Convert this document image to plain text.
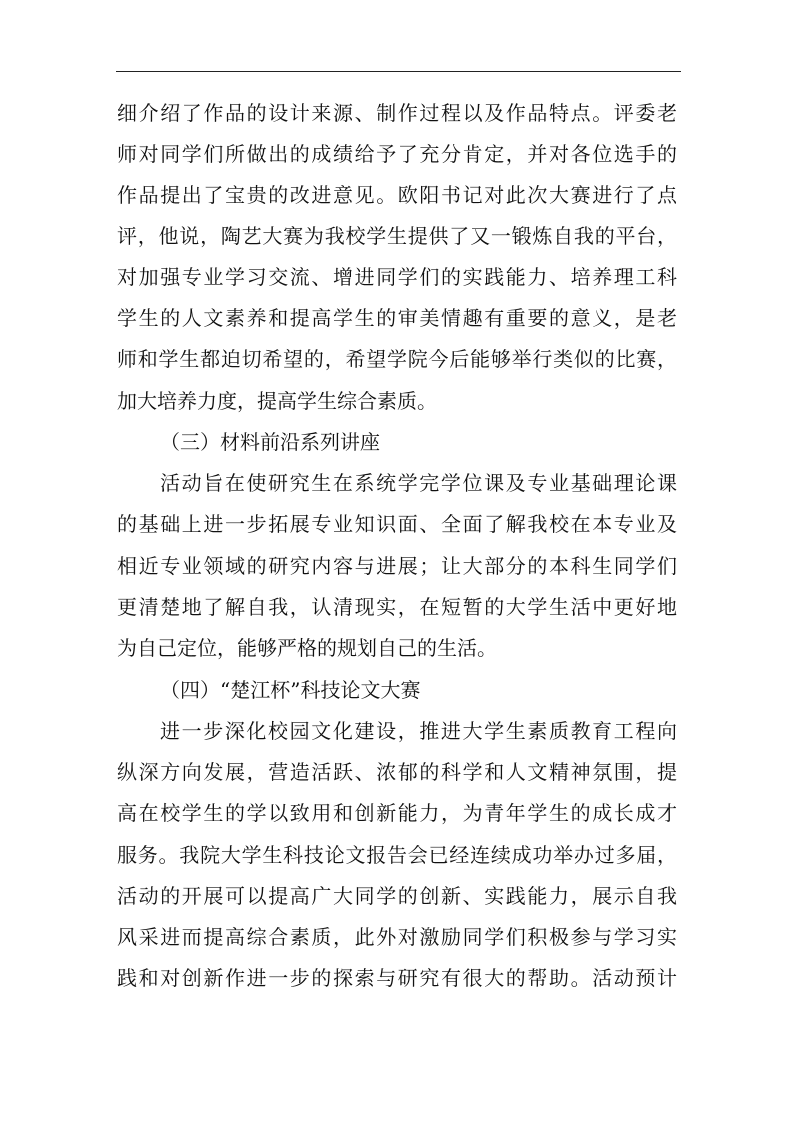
细介绍了作品的设计来源、制作过程以及作品特点。评委老
师对同学们所做出的成绩给予了充分肯定，并对各位选手的
作品提出了宝贵的改进意见。欧阳书记对此次大赛进行了点
评，他说，陶艺大赛为我校学生提供了又一锻炼自我的平台，
对加强专业学习交流、增进同学们的实践能力、培养理工科
学生的人文素养和提高学生的审美情趣有重要的意义，是老
师和学生都迫切希望的，希望学院今后能够举行类似的比赛，
加大培养力度，提高学生综合素质。
（三）材料前沿系列讲座
活动旨在使研究生在系统学完学位课及专业基础理论课
的基础上进一步拓展专业知识面、全面了解我校在本专业及
相近专业领域的研究内容与进展；让大部分的本科生同学们
更清楚地了解自我，认清现实，在短暂的大学生活中更好地
为自己定位，能够严格的规划自己的生活。
（四）“楚江杯”科技论文大赛
进一步深化校园文化建设，推进大学生素质教育工程向
纵深方向发展，营造活跃、浓郁的科学和人文精神氛围，提
高在校学生的学以致用和创新能力，为青年学生的成长成才
服务。我院大学生科技论文报告会已经连续成功举办过多届，
活动的开展可以提高广大同学的创新、实践能力，展示自我
风采进而提高综合素质，此外对激励同学们积极参与学习实
践和对创新作进一步的探索与研究有很大的帮助。活动预计
